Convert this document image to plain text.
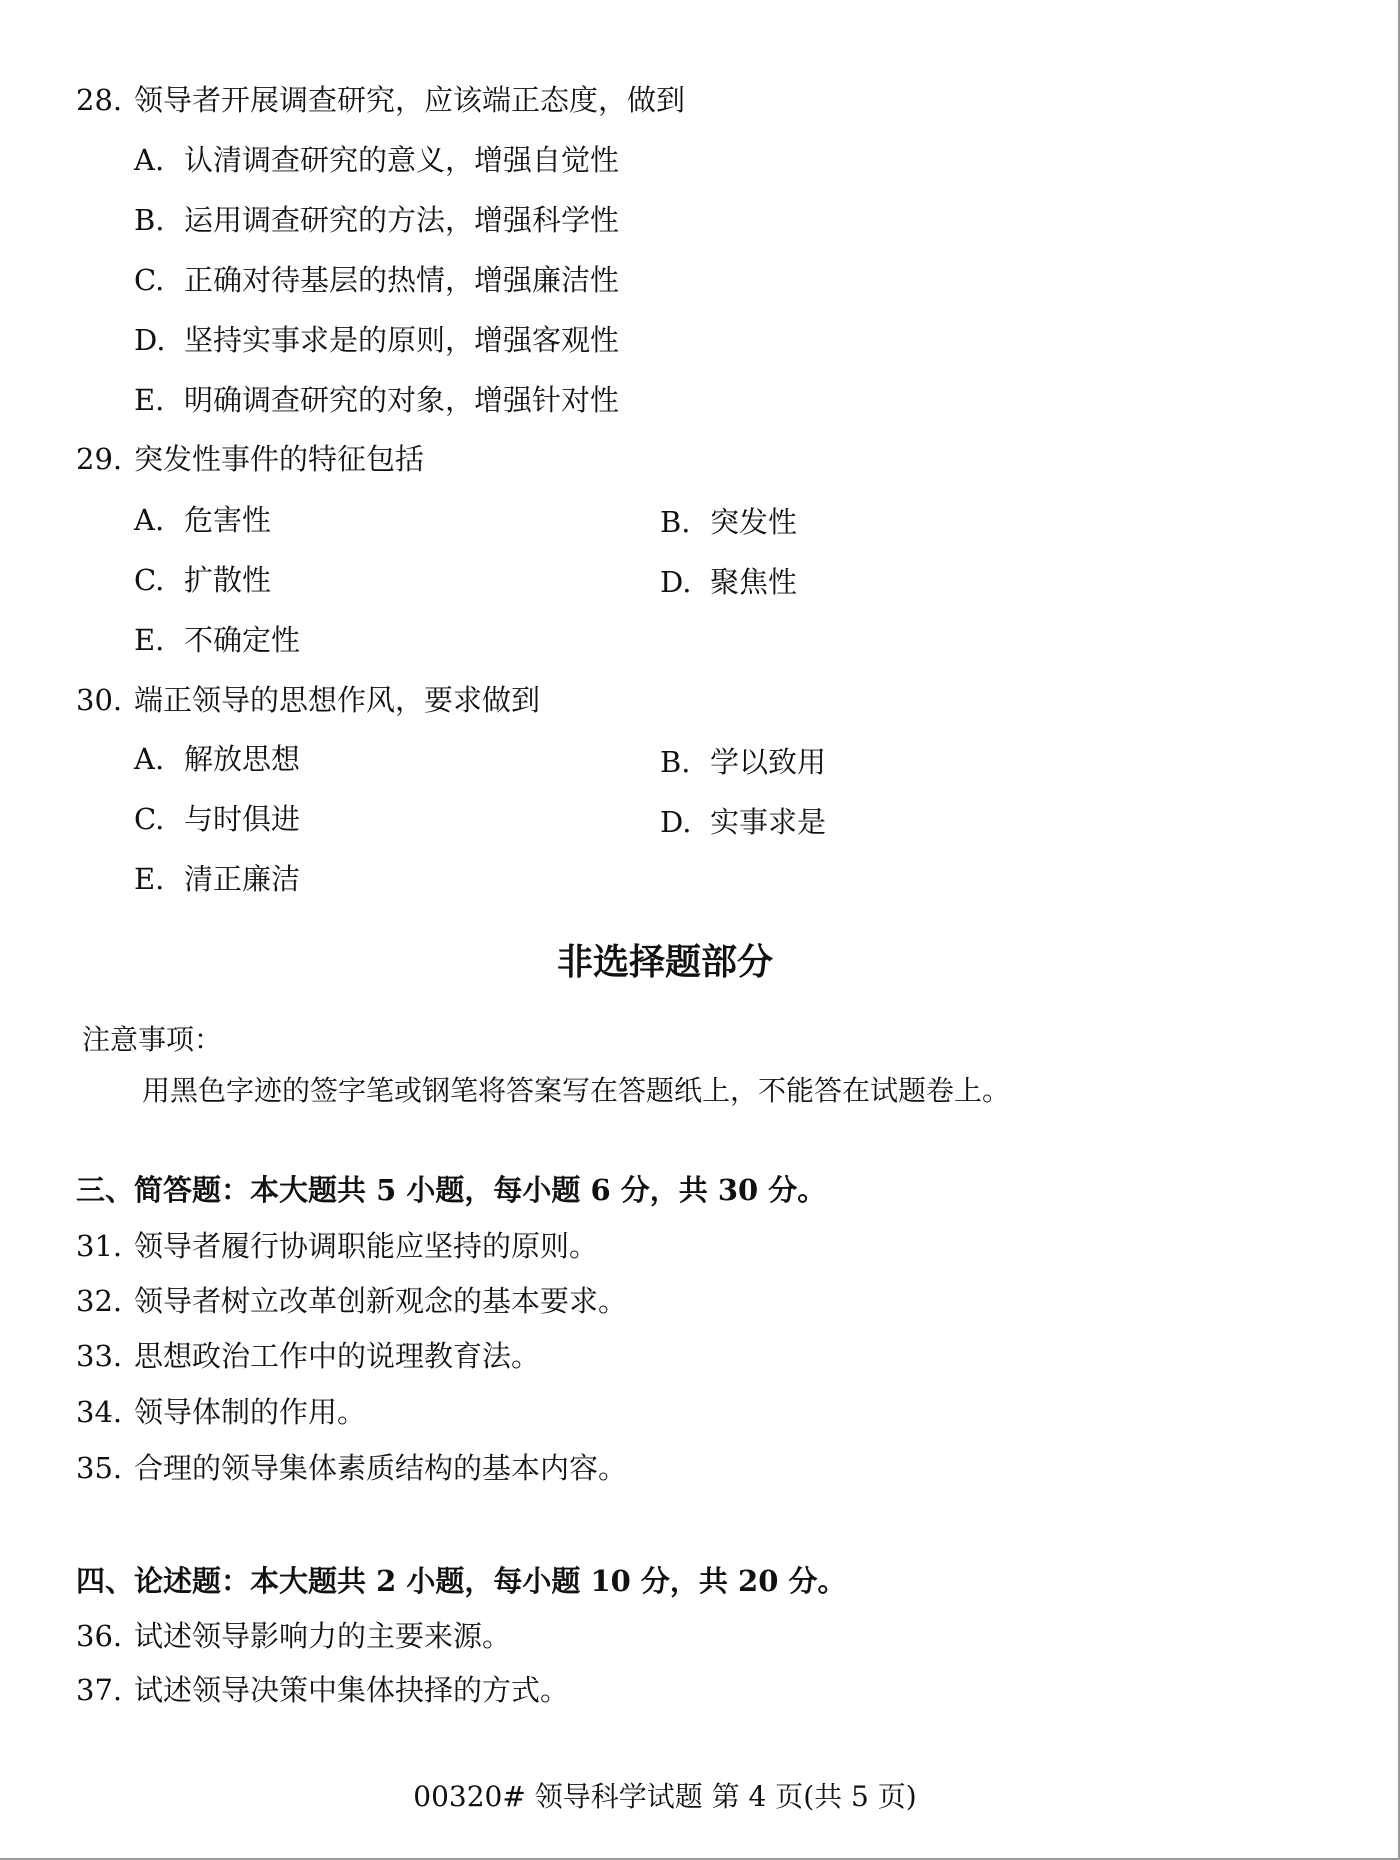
28. 领导者开展调查研究，应该端正态度，做到
A. 认清调查研究的意义，增强自觉性
B. 运用调查研究的方法，增强科学性
C. 正确对待基层的热情，增强廉洁性
D. 坚持实事求是的原则，增强客观性
E. 明确调查研究的对象，增强针对性
29. 突发性事件的特征包括
A. 危害性	B. 突发性
C. 扩散性	D. 聚焦性
E. 不确定性
30. 端正领导的思想作风，要求做到
A. 解放思想	B. 学以致用
C. 与时俱进	D. 实事求是
E. 清正廉洁
非选择题部分
注意事项：
用黑色字迹的签字笔或钢笔将答案写在答题纸上，不能答在试题卷上。
三、简答题：本大题共 5 小题，每小题 6 分，共 30 分。
31. 领导者履行协调职能应坚持的原则。
32. 领导者树立改革创新观念的基本要求。
33. 思想政治工作中的说理教育法。
34. 领导体制的作用。
35. 合理的领导集体素质结构的基本内容。
四、论述题：本大题共 2 小题，每小题 10 分，共 20 分。
36. 试述领导影响力的主要来源。
37. 试述领导决策中集体抉择的方式。
00320# 领导科学试题 第 4 页(共 5 页)
